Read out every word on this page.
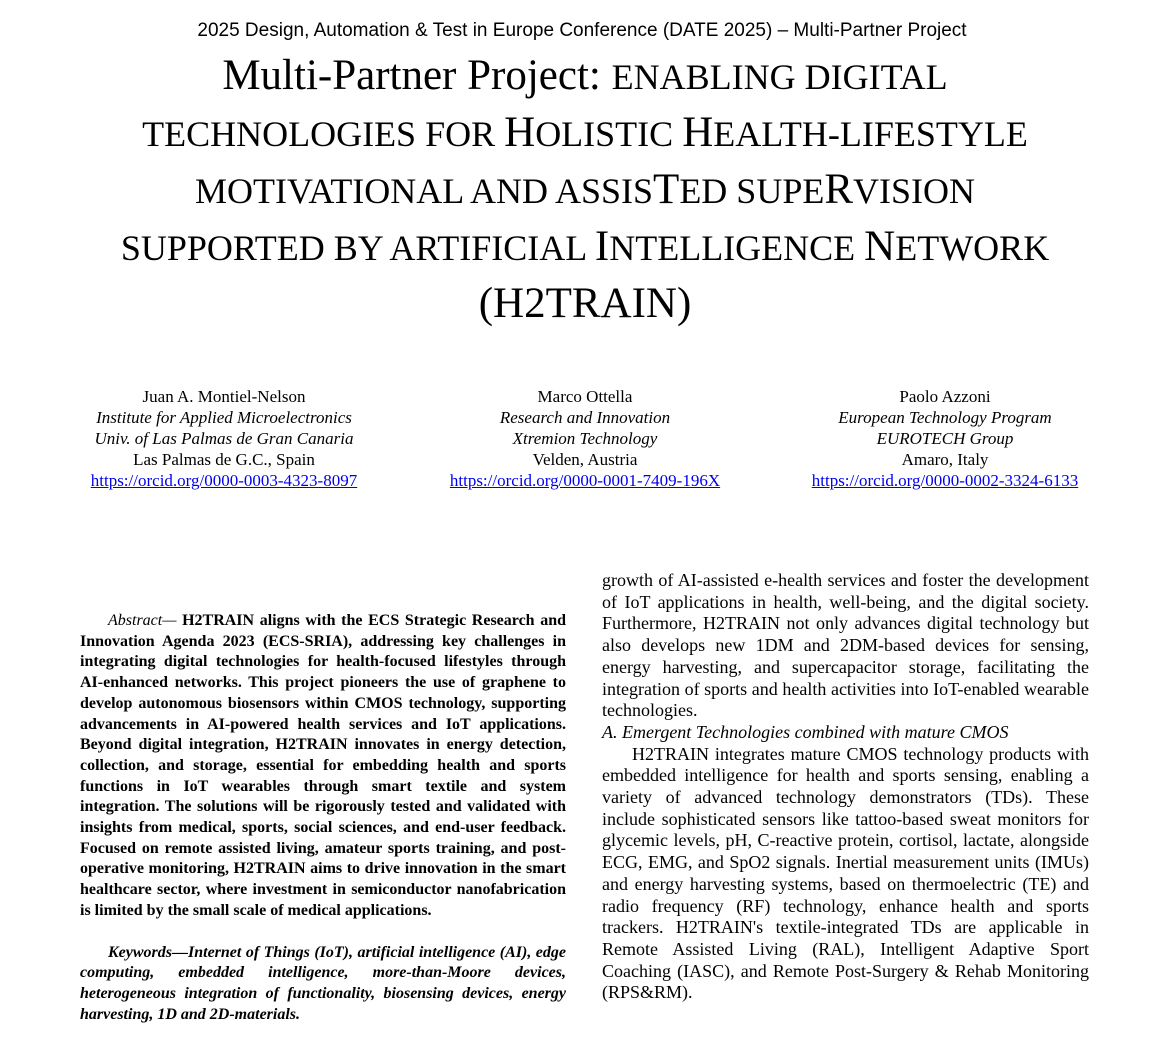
2025 Design, Automation & Test in Europe Conference (DATE 2025) – Multi-Partner Project
Multi-Partner Project: ENABLING DIGITAL
TECHNOLOGIES FOR HOLISTIC HEALTH-LIFESTYLE
MOTIVATIONAL AND ASSISTED SUPERVISION
SUPPORTED BY ARTIFICIAL INTELLIGENCE NETWORK
(H2TRAIN)
Juan A. Montiel-Nelson
Institute for Applied Microelectronics
Univ. of Las Palmas de Gran Canaria
Las Palmas de G.C., Spain
https://orcid.org/0000-0003-4323-8097
Marco Ottella
Research and Innovation
Xtremion Technology
Velden, Austria
https://orcid.org/0000-0001-7409-196X
Paolo Azzoni
European Technology Program
EUROTECH Group
Amaro, Italy
https://orcid.org/0000-0002-3324-6133

Abstract— H2TRAIN aligns with the ECS Strategic Research and Innovation Agenda 2023 (ECS-SRIA), addressing key challenges in integrating digital technologies for health-focused lifestyles through AI-enhanced networks. This project pioneers the use of graphene to develop autonomous biosensors within CMOS technology, supporting advancements in AI-powered health services and IoT applications. Beyond digital integration, H2TRAIN innovates in energy detection, collection, and storage, essential for embedding health and sports functions in IoT wearables through smart textile and system integration. The solutions will be rigorously tested and validated with insights from medical, sports, social sciences, and end-user feedback. Focused on remote assisted living, amateur sports training, and post-operative monitoring, H2TRAIN aims to drive innovation in the smart healthcare sector, where investment in semiconductor nanofabrication is limited by the small scale of medical applications.

Keywords—Internet of Things (IoT), artificial intelligence (AI), edge computing, embedded intelligence, more-than-Moore devices, heterogeneous integration of functionality, biosensing devices, energy harvesting, 1D and 2D-materials.

growth of AI-assisted e-health services and foster the development of IoT applications in health, well-being, and the digital society. Furthermore, H2TRAIN not only advances digital technology but also develops new 1DM and 2DM-based devices for sensing, energy harvesting, and supercapacitor storage, facilitating the integration of sports and health activities into IoT-enabled wearable technologies.

A. Emergent Technologies combined with mature CMOS

H2TRAIN integrates mature CMOS technology products with embedded intelligence for health and sports sensing, enabling a variety of advanced technology demonstrators (TDs). These include sophisticated sensors like tattoo-based sweat monitors for glycemic levels, pH, C-reactive protein, cortisol, lactate, alongside ECG, EMG, and SpO2 signals. Inertial measurement units (IMUs) and energy harvesting systems, based on thermoelectric (TE) and radio frequency (RF) technology, enhance health and sports trackers. H2TRAIN's textile-integrated TDs are applicable in Remote Assisted Living (RAL), Intelligent Adaptive Sport Coaching (IASC), and Remote Post-Surgery & Rehab Monitoring (RPS&RM).
